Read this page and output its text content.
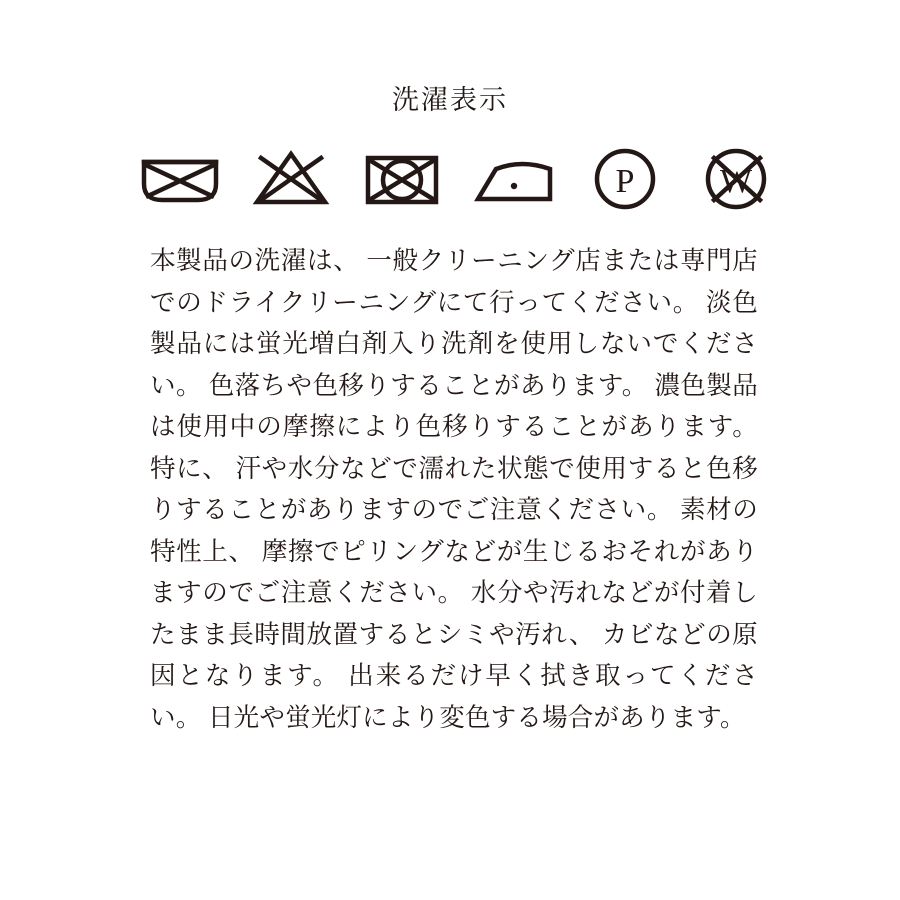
洗濯表示
P	W

本製品の洗濯は、 一般クリーニング店または専門店でのドライクリーニングにて行ってください。 淡色製品には蛍光増白剤入り洗剤を使用しないでください。 色落ちや色移りすることがあります。 濃色製品は使用中の摩擦により色移りすることがあります。 特に、 汗や水分などで濡れた状態で使用すると色移りすることがありますのでご注意ください。 素材の特性上、 摩擦でピリングなどが生じるおそれがありますのでご注意ください。 水分や汚れなどが付着したまま長時間放置するとシミや汚れ、 カビなどの原因となります。 出来るだけ早く拭き取ってください。 日光や蛍光灯により変色する場合があります。
